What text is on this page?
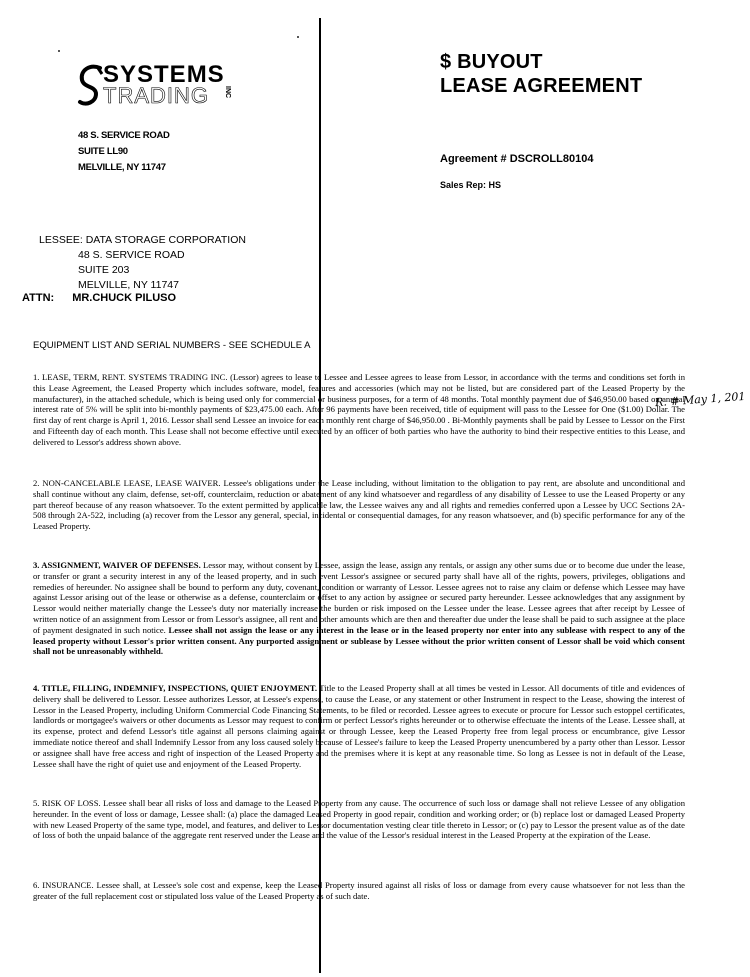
SYSTEMS
TRADING INC
48 S. SERVICE ROAD
SUITE LL90
MELVILLE, NY 11747
$ BUYOUT
LEASE AGREEMENT
Agreement # DSCROLL80104
Sales Rep: HS
LESSEE: DATA STORAGE CORPORATION
48 S. SERVICE ROAD
SUITE 203
MELVILLE, NY 11747
ATTN: MR.CHUCK PILUSO
EQUIPMENT LIST AND SERIAL NUMBERS - SEE SCHEDULE A
R. # May 1, 201
1. LEASE, TERM, RENT. SYSTEMS TRADING INC. (Lessor) agrees to lease to Lessee and Lessee agrees to lease from Lessor, in accordance with the terms and conditions set forth in this Lease Agreement, the Leased Property which includes software, model, features and accessories (which may not be listed, but are considered part of the Leased Property by the manufacturer), in the attached schedule, which is being used only for commercial or business purposes, for a term of 48 months. Total monthly payment due of $46,950.00 based on annual interest rate of 5% will be split into bi-monthly payments of $23,475.00 each. After 96 payments have been received, title of equipment will pass to the Lessee for One ($1.00) Dollar. The first day of rent charge is April 1, 2016. Lessor shall send Lessee an invoice for each monthly rent charge of $46,950.00 . Bi-Monthly payments shall be paid by Lessee to Lessor on the First and Fifteenth day of each month. This Lease shall not become effective until executed by an officer of both parties who have the authority to bind their respective entities to this Lease, and delivered to Lessor's address shown above.
2. NON-CANCELABLE LEASE, LEASE WAIVER. Lessee's obligations under the Lease including, without limitation to the obligation to pay rent, are absolute and unconditional and shall continue without any claim, defense, set-off, counterclaim, reduction or abatement of any kind whatsoever and regardless of any disability of Lessee to use the Leased Property or any part thereof because of any reason whatsoever. To the extent permitted by applicable law, the Lessee waives any and all rights and remedies conferred upon a Lessee by UCC Sections 2A-508 through 2A-522, including (a) recover from the Lessor any general, special, incidental or consequential damages, for any reason whatsoever, and (b) specific performance for any of the Leased Property.
3. ASSIGNMENT, WAIVER OF DEFENSES. Lessor may, without consent by Lessee, assign the lease, assign any rentals, or assign any other sums due or to become due under the lease, or transfer or grant a security interest in any of the leased property, and in such event Lessor's assignee or secured party shall have all of the rights, powers, privileges, obligations and remedies of hereunder. No assignee shall be bound to perform any duty, covenant, condition or warranty of Lessor. Lessee agrees not to raise any claim or defense which Lessee may have against Lessor arising out of the lease or otherwise as a defense, counterclaim or offset to any action by assignee or secured party hereunder. Lessee acknowledges that any assignment by Lessor would neither materially change the Lessee's duty nor materially increase the burden or risk imposed on the Lessee under the lease. Lessee agrees that after receipt by Lessee of written notice of an assignment from Lessor or from Lessor's assignee, all rent and other amounts which are then and thereafter due under the lease shall be paid to such assignee at the place of payment designated in such notice. Lessee shall not assign the lease or any interest in the lease or in the leased property nor enter into any sublease with respect to any of the leased property without Lessor's prior written consent. Any purported assignment or sublease by Lessee without the prior written consent of Lessor shall be void which consent shall not be unreasonably withheld.
4. TITLE, FILLING, INDEMNIFY, INSPECTIONS, QUIET ENJOYMENT. Title to the Leased Property shall at all times be vested in Lessor. All documents of title and evidences of delivery shall be delivered to Lessor. Lessee authorizes Lessor, at Lessee's expense, to cause the Lease, or any statement or other Instrument in respect to the Lease, showing the interest of Lessor in the Leased Property, including Uniform Commercial Code Financing Statements, to be filed or recorded. Lessee agrees to execute or procure for Lessor such estoppel certificates, landlords or mortgagee's waivers or other documents as Lessor may request to confirm or perfect Lessor's rights hereunder or to otherwise effectuate the intents of the Lease. Lessee shall, at its expense, protect and defend Lessor's title against all persons claiming against or through Lessee, keep the Leased Property free from legal process or encumbrance, give Lessor immediate notice thereof and shall Indemnify Lessor from any loss caused solely because of Lessee's failure to keep the Leased Property unencumbered by a party other than Lessor. Lessor or assignee shall have free access and right of inspection of the Leased Property and the premises where it is kept at any reasonable time. So long as Lessee is not in default of the Lease, Lessee shall have the right of quiet use and enjoyment of the Leased Property.
5. RISK OF LOSS. Lessee shall bear all risks of loss and damage to the Leased Property from any cause. The occurrence of such loss or damage shall not relieve Lessee of any obligation hereunder. In the event of loss or damage, Lessee shall: (a) place the damaged Leased Property in good repair, condition and working order; or (b) replace lost or damaged Leased Property with new Leased Property of the same type, model, and features, and deliver to Lessor documentation vesting clear title thereto in Lessor; or (c) pay to Lessor the present value as of the date of loss of both the unpaid balance of the aggregate rent reserved under the Lease and the value of the Lessor's residual interest in the Leased Property at the expiration of the Lease.
6. INSURANCE. Lessee shall, at Lessee's sole cost and expense, keep the Leased Property insured against all risks of loss or damage from every cause whatsoever for not less than the greater of the full replacement cost or stipulated loss value of the Leased Property as of such date.
